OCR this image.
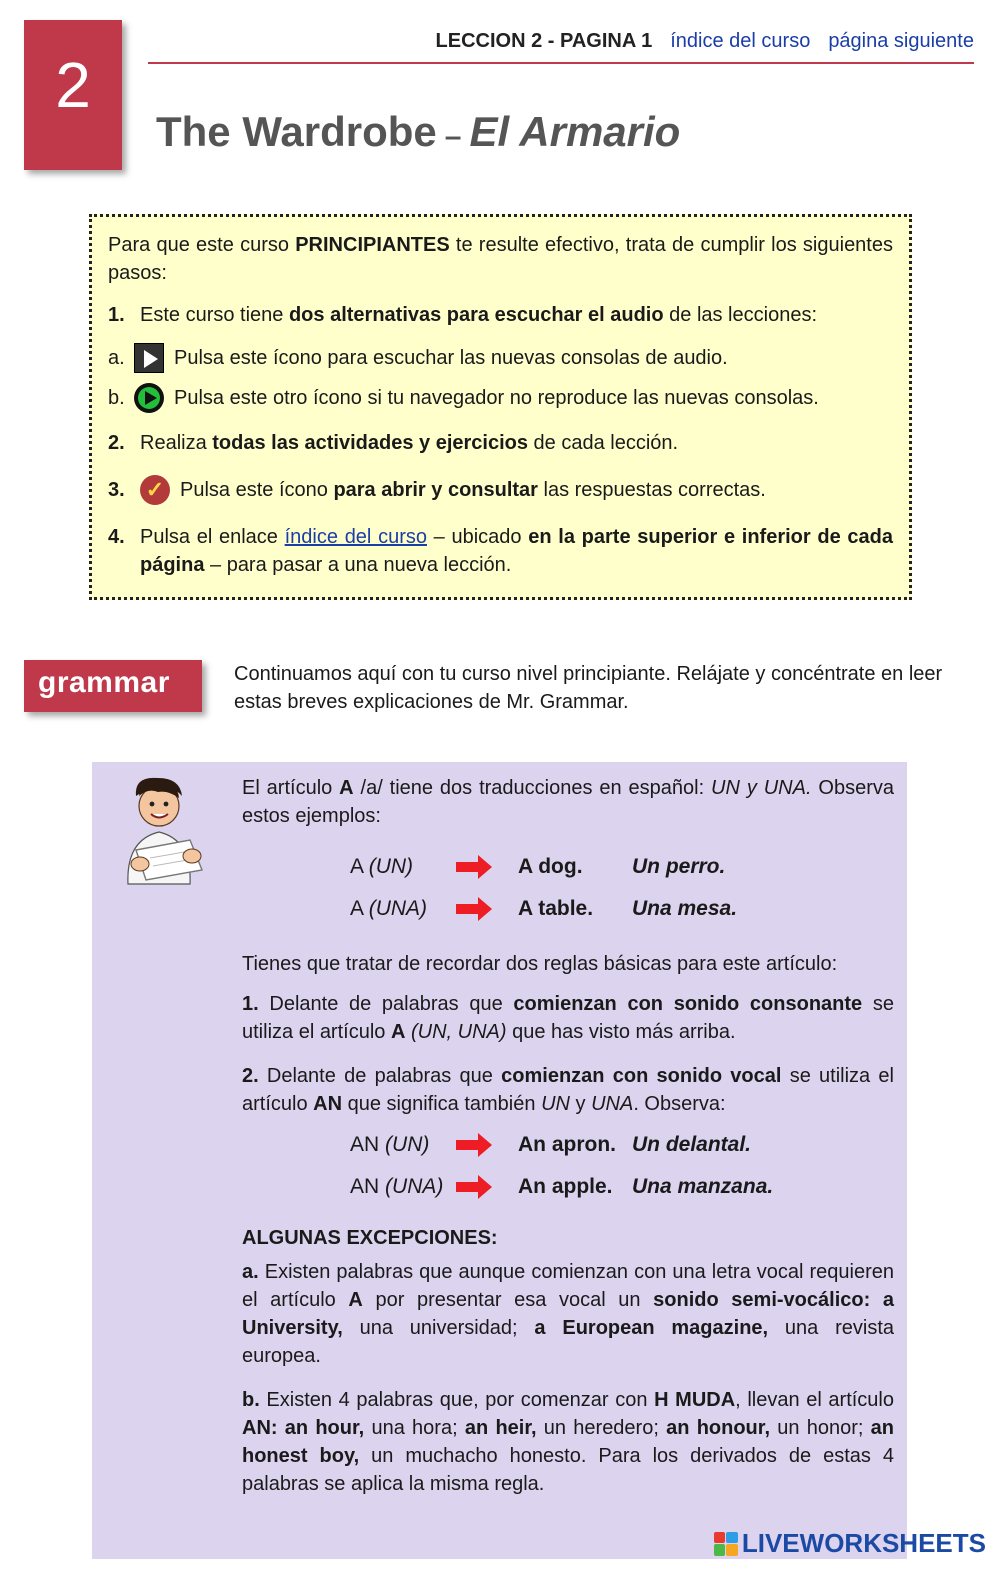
2
LECCION 2 - PAGINA 1 índice del curso página siguiente
The Wardrobe – El Armario

Para que este curso PRINCIPIANTES te resulte efectivo, trata de cumplir los siguientes pasos:

1. Este curso tiene dos alternativas para escuchar el audio de las lecciones:
a.	Pulsa este ícono para escuchar las nuevas consolas de audio.
b.	Pulsa este otro ícono si tu navegador no reproduce las nuevas consolas.
2. Realiza todas las actividades y ejercicios de cada lección.
3. ✓ Pulsa este ícono para abrir y consultar las respuestas correctas.
4. Pulsa el enlace índice del curso – ubicado en la parte superior e inferior de cada página – para pasar a una nueva lección.
grammar	Continuamos aquí con tu curso nivel principiante. Relájate y concéntrate en leer estas breves explicaciones de Mr. Grammar.

El artículo A /a/ tiene dos traducciones en español: UN y UNA. Observa estos ejemplos:

A (UN)	A dog.	Un perro.
A (UNA)	A table.	Una mesa.

Tienes que tratar de recordar dos reglas básicas para este artículo:

1. Delante de palabras que comienzan con sonido consonante se utiliza el artículo A (UN, UNA) que has visto más arriba.

2. Delante de palabras que comienzan con sonido vocal se utiliza el artículo AN que significa también UN y UNA. Observa:

AN (UN)	An apron. Un delantal.
AN (UNA)	An apple. Una manzana.

ALGUNAS EXCEPCIONES:

a. Existen palabras que aunque comienzan con una letra vocal requieren el artículo A por presentar esa vocal un sonido semi-vocálico: a University, una universidad; a European magazine, una revista europea.

b. Existen 4 palabras que, por comenzar con H MUDA, llevan el artículo AN: an hour, una hora; an heir, un heredero; an honour, un honor; an honest boy, un muchacho honesto. Para los derivados de estas 4 palabras se aplica la misma regla.

LIVEWORKSHEETS
